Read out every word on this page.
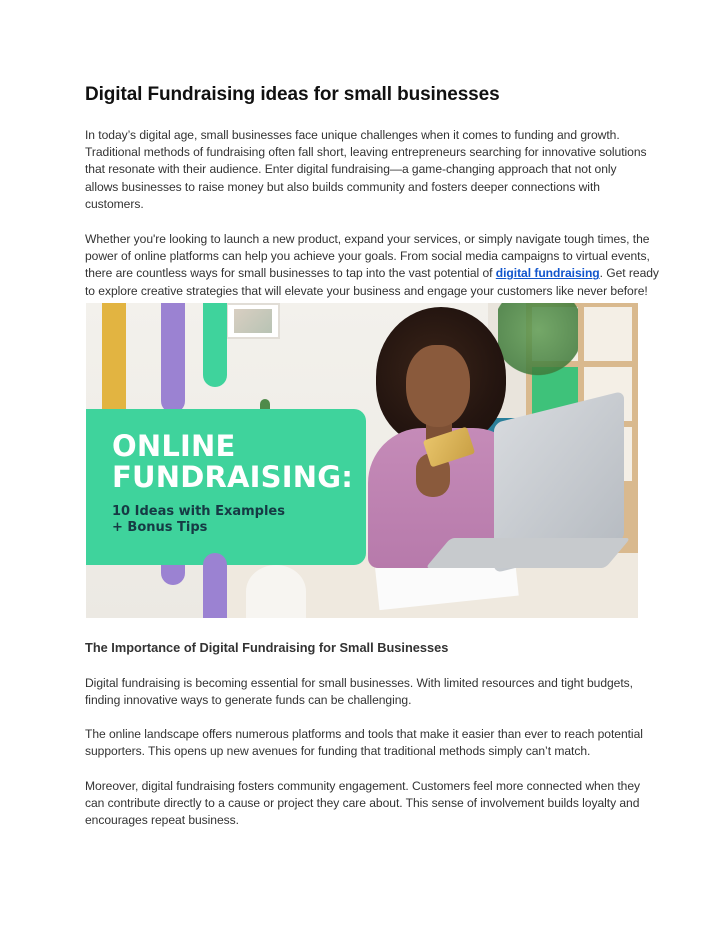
Digital Fundraising ideas for small businesses

In today’s digital age, small businesses face unique challenges when it comes to funding and growth.
Traditional methods of fundraising often fall short, leaving entrepreneurs searching for innovative solutions
that resonate with their audience. Enter digital fundraising—a game-changing approach that not only
allows businesses to raise money but also builds community and fosters deeper connections with
customers.

Whether you're looking to launch a new product, expand your services, or simply navigate tough times, the
power of online platforms can help you achieve your goals. From social media campaigns to virtual events,
there are countless ways for small businesses to tap into the vast potential of digital fundraising. Get ready
to explore creative strategies that will elevate your business and engage your customers like never before!

The Importance of Digital Fundraising for Small Businesses

Digital fundraising is becoming essential for small businesses. With limited resources and tight budgets,
finding innovative ways to generate funds can be challenging.

The online landscape offers numerous platforms and tools that make it easier than ever to reach potential
supporters. This opens up new avenues for funding that traditional methods simply can’t match.

Moreover, digital fundraising fosters community engagement. Customers feel more connected when they
can contribute directly to a cause or project they care about. This sense of involvement builds loyalty and
encourages repeat business.

ONLINE
FUNDRAISING:

10 Ideas with Examples
+ Bonus Tips
